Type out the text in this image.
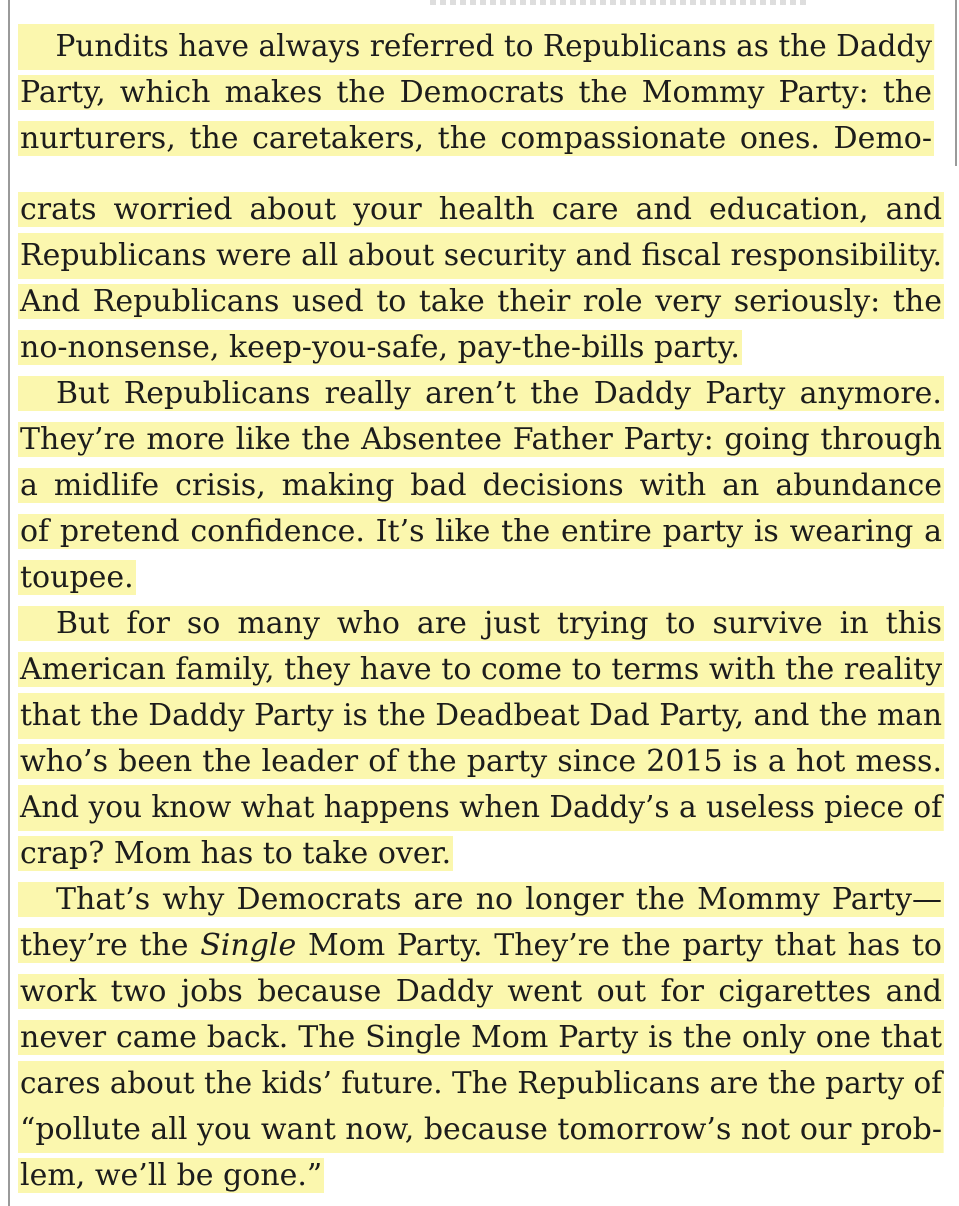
Pundits have always referred to Republicans as the Daddy
Party, which makes the Democrats the Mommy Party: the
nurturers, the caretakers, the compassionate ones. Demo-
crats worried about your health care and education, and
Republicans were all about security and fiscal responsibility.
And Republicans used to take their role very seriously: the
no-nonsense, keep-you-safe, pay-the-bills party.
But Republicans really aren’t the Daddy Party anymore.
They’re more like the Absentee Father Party: going through
a midlife crisis, making bad decisions with an abundance
of pretend confidence. It’s like the entire party is wearing a
toupee.
But for so many who are just trying to survive in this
American family, they have to come to terms with the reality
that the Daddy Party is the Deadbeat Dad Party, and the man
who’s been the leader of the party since 2015 is a hot mess.
And you know what happens when Daddy’s a useless piece of
crap? Mom has to take over.
That’s why Democrats are no longer the Mommy Party—
they’re the Single Mom Party. They’re the party that has to
work two jobs because Daddy went out for cigarettes and
never came back. The Single Mom Party is the only one that
cares about the kids’ future. The Republicans are the party of
“pollute all you want now, because tomorrow’s not our prob-
lem, we’ll be gone.”
